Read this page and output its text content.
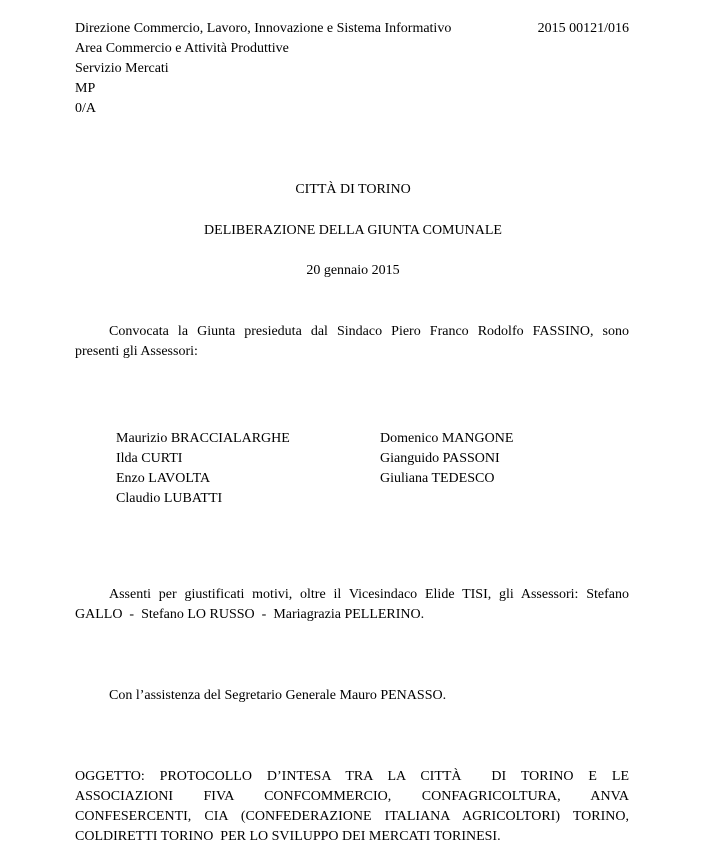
Direzione Commercio, Lavoro, Innovazione e Sistema Informativo
Area Commercio e Attività Produttive
Servizio Mercati
MP
0/A
2015 00121/016
CITTÀ DI TORINO
DELIBERAZIONE DELLA GIUNTA COMUNALE
20 gennaio 2015
Convocata la Giunta presieduta dal Sindaco Piero Franco Rodolfo FASSINO, sono
presenti gli Assessori:
Maurizio BRACCIALARGHE
Ilda CURTI
Enzo LAVOLTA
Claudio LUBATTI
Domenico MANGONE
Gianguido PASSONI
Giuliana TEDESCO
Assenti per giustificati motivi, oltre il Vicesindaco Elide TISI, gli Assessori: Stefano
GALLO  -  Stefano LO RUSSO  -  Mariagrazia PELLERINO.
Con l’assistenza del Segretario Generale Mauro PENASSO.
OGGETTO: PROTOCOLLO D’INTESA TRA LA CITTÀ  DI TORINO E LE
ASSOCIAZIONI FIVA CONFCOMMERCIO, CONFAGRICOLTURA, ANVA
CONFESERCENTI, CIA (CONFEDERAZIONE ITALIANA AGRICOLTORI) TORINO,
COLDIRETTI TORINO  PER LO SVILUPPO DEI MERCATI TORINESI.
